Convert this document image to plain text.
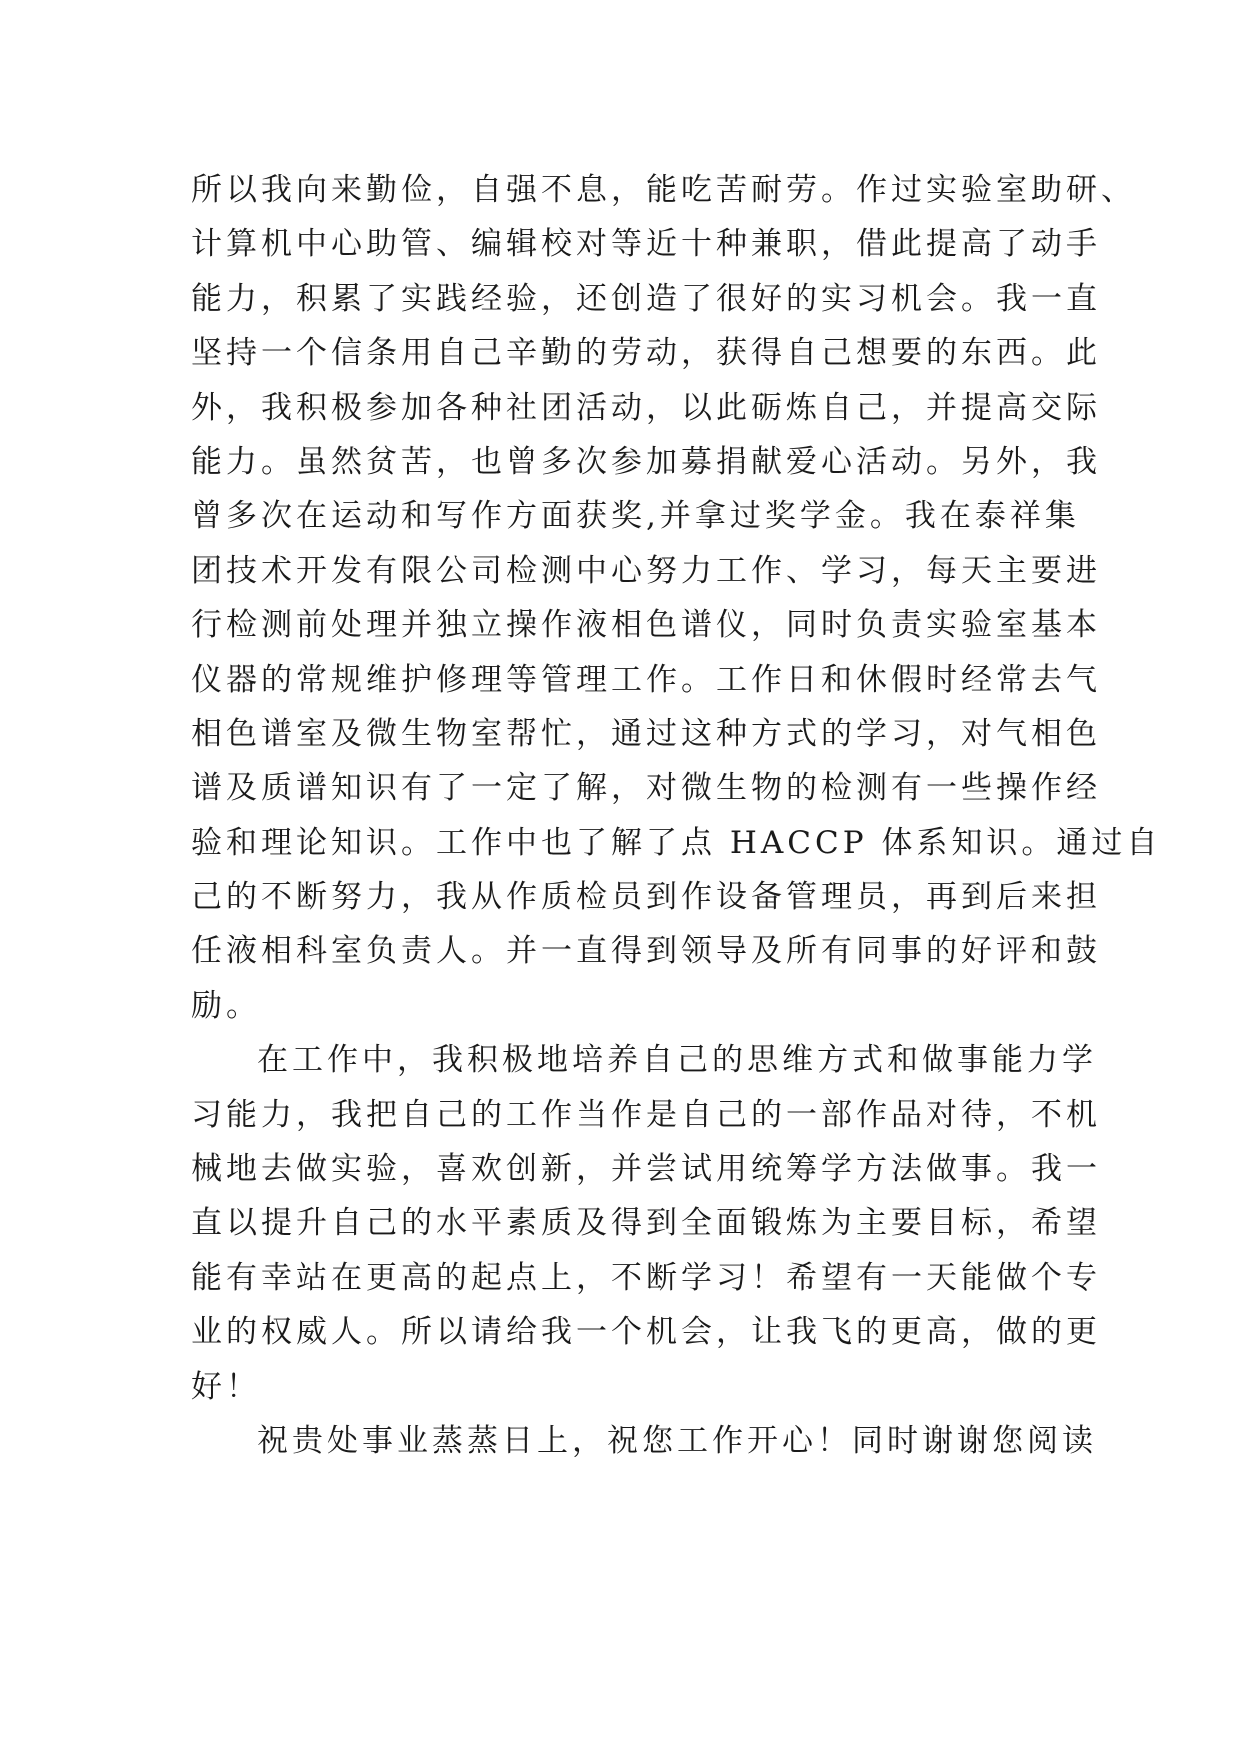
所以我向来勤俭，自强不息，能吃苦耐劳。作过实验室助研、
计算机中心助管、编辑校对等近十种兼职，借此提高了动手
能力，积累了实践经验，还创造了很好的实习机会。我一直
坚持一个信条用自己辛勤的劳动，获得自己想要的东西。此
外，我积极参加各种社团活动，以此砺炼自己，并提高交际
能力。虽然贫苦，也曾多次参加募捐献爱心活动。另外，我
曾多次在运动和写作方面获奖,并拿过奖学金。我在泰祥集
团技术开发有限公司检测中心努力工作、学习，每天主要进
行检测前处理并独立操作液相色谱仪，同时负责实验室基本
仪器的常规维护修理等管理工作。工作日和休假时经常去气
相色谱室及微生物室帮忙，通过这种方式的学习，对气相色
谱及质谱知识有了一定了解，对微生物的检测有一些操作经
验和理论知识。工作中也了解了点 HACCP 体系知识。通过自
己的不断努力，我从作质检员到作设备管理员，再到后来担
任液相科室负责人。并一直得到领导及所有同事的好评和鼓
励。
在工作中，我积极地培养自己的思维方式和做事能力学
习能力，我把自己的工作当作是自己的一部作品对待，不机
械地去做实验，喜欢创新，并尝试用统筹学方法做事。我一
直以提升自己的水平素质及得到全面锻炼为主要目标，希望
能有幸站在更高的起点上，不断学习！希望有一天能做个专
业的权威人。所以请给我一个机会，让我飞的更高，做的更
好！
祝贵处事业蒸蒸日上，祝您工作开心！同时谢谢您阅读
